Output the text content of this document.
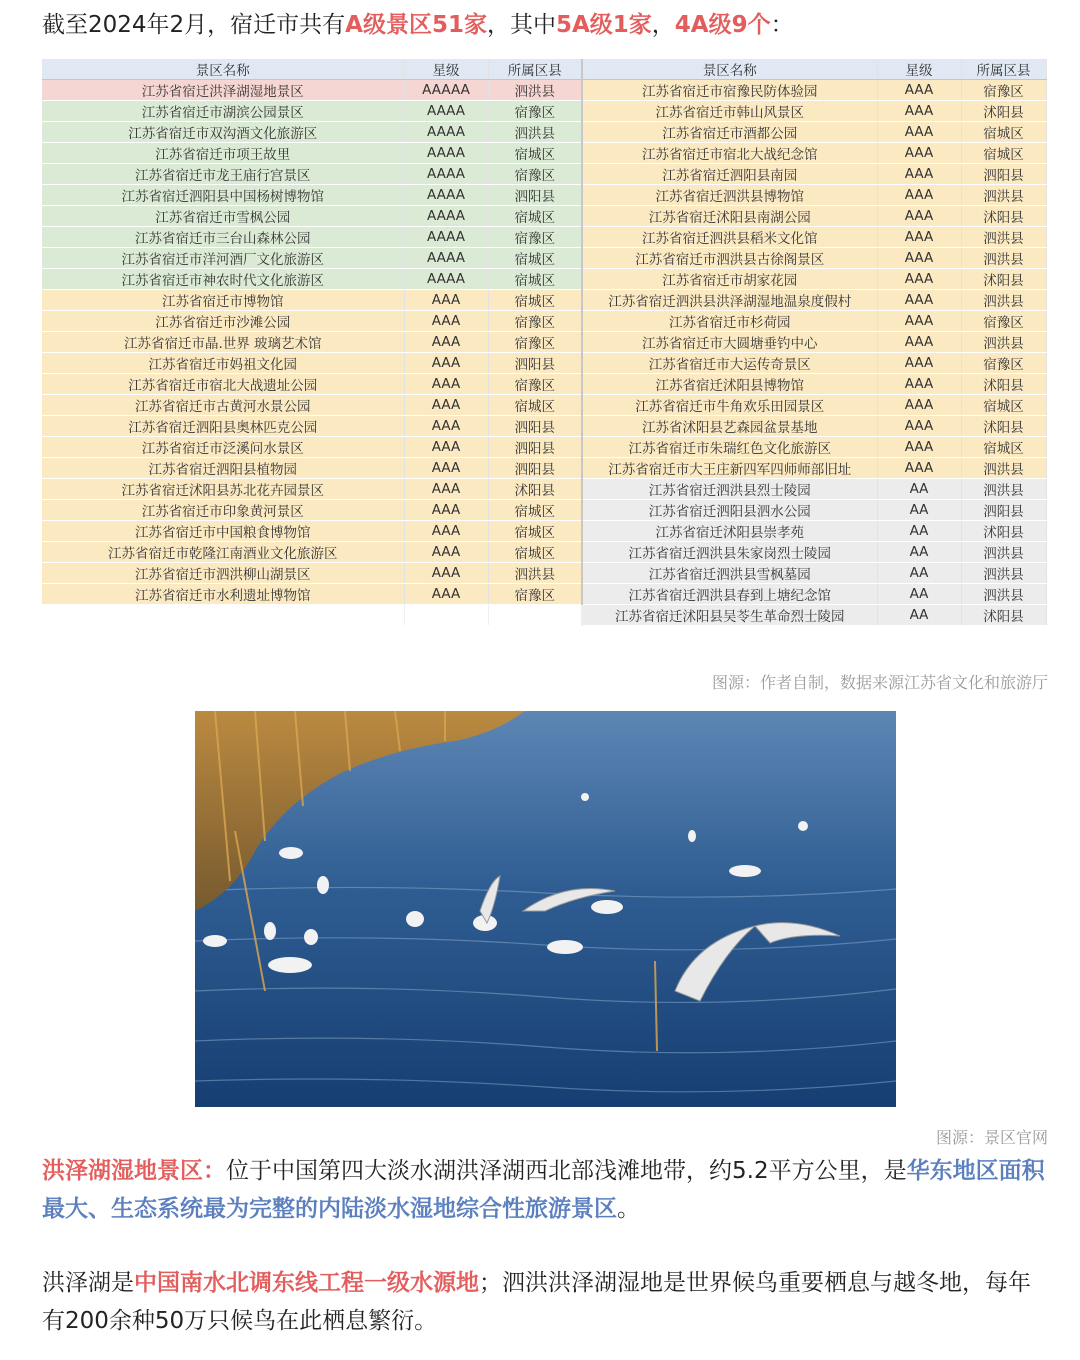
截至2024年2月，宿迁市共有A级景区51家，其中5A级1家，4A级9个：
景区名称	星级	所属区县	景区名称	星级	所属区县
江苏省宿迁洪泽湖湿地景区	AAAAA	泗洪县	江苏省宿迁市宿豫民防体验园	AAA	宿豫区
江苏省宿迁市湖滨公园景区	AAAA	宿豫区	江苏省宿迁市韩山风景区	AAA	沭阳县
江苏省宿迁市双沟酒文化旅游区	AAAA	泗洪县	江苏省宿迁市酒都公园	AAA	宿城区
江苏省宿迁市项王故里	AAAA	宿城区	江苏省宿迁市宿北大战纪念馆	AAA	宿城区
江苏省宿迁市龙王庙行宫景区	AAAA	宿豫区	江苏省宿迁泗阳县南园	AAA	泗阳县
江苏省宿迁泗阳县中国杨树博物馆	AAAA	泗阳县	江苏省宿迁泗洪县博物馆	AAA	泗洪县
江苏省宿迁市雪枫公园	AAAA	宿城区	江苏省宿迁沭阳县南湖公园	AAA	沭阳县
江苏省宿迁市三台山森林公园	AAAA	宿豫区	江苏省宿迁泗洪县稻米文化馆	AAA	泗洪县
江苏省宿迁市洋河酒厂文化旅游区	AAAA	宿城区	江苏省宿迁市泗洪县古徐阁景区	AAA	泗洪县
江苏省宿迁市神农时代文化旅游区	AAAA	宿城区	江苏省宿迁市胡家花园	AAA	沭阳县
江苏省宿迁市博物馆	AAA	宿城区	江苏省宿迁泗洪县洪泽湖湿地温泉度假村	AAA	泗洪县
江苏省宿迁市沙滩公园	AAA	宿豫区	江苏省宿迁市杉荷园	AAA	宿豫区
江苏省宿迁市晶.世界 玻璃艺术馆	AAA	宿豫区	江苏省宿迁市大圆塘垂钓中心	AAA	泗洪县
江苏省宿迁市妈祖文化园	AAA	泗阳县	江苏省宿迁市大运传奇景区	AAA	宿豫区
江苏省宿迁市宿北大战遗址公园	AAA	宿豫区	江苏省宿迁沭阳县博物馆	AAA	沭阳县
江苏省宿迁市古黄河水景公园	AAA	宿城区	江苏省宿迁市牛角欢乐田园景区	AAA	宿城区
江苏省宿迁泗阳县奥林匹克公园	AAA	泗阳县	江苏省沭阳县艺森园盆景基地	AAA	沭阳县
江苏省宿迁市泛溪问水景区	AAA	泗阳县	江苏省宿迁市朱瑞红色文化旅游区	AAA	宿城区
江苏省宿迁泗阳县植物园	AAA	泗阳县	江苏省宿迁市大王庄新四军四师师部旧址	AAA	泗洪县
江苏省宿迁沭阳县苏北花卉园景区	AAA	沭阳县	江苏省宿迁泗洪县烈士陵园	AA	泗洪县
江苏省宿迁市印象黄河景区	AAA	宿城区	江苏省宿迁泗阳县泗水公园	AA	泗阳县
江苏省宿迁市中国粮食博物馆	AAA	宿城区	江苏省宿迁沭阳县崇孝苑	AA	沭阳县
江苏省宿迁市乾隆江南酒业文化旅游区	AAA	宿城区	江苏省宿迁泗洪县朱家岗烈士陵园	AA	泗洪县
江苏省宿迁市泗洪柳山湖景区	AAA	泗洪县	江苏省宿迁泗洪县雪枫墓园	AA	泗洪县
江苏省宿迁市水利遗址博物馆	AAA	宿豫区	江苏省宿迁泗洪县春到上塘纪念馆	AA	泗洪县
			江苏省宿迁沭阳县吴苓生革命烈士陵园	AA	沭阳县
图源：作者自制，数据来源江苏省文化和旅游厅
图源：景区官网
洪泽湖湿地景区：位于中国第四大淡水湖洪泽湖西北部浅滩地带，约5.2平方公里，是华东地区面积最大、生态系统最为完整的内陆淡水湿地综合性旅游景区。
洪泽湖是中国南水北调东线工程一级水源地；泗洪洪泽湖湿地是世界候鸟重要栖息与越冬地，每年有200余种50万只候鸟在此栖息繁衍。
